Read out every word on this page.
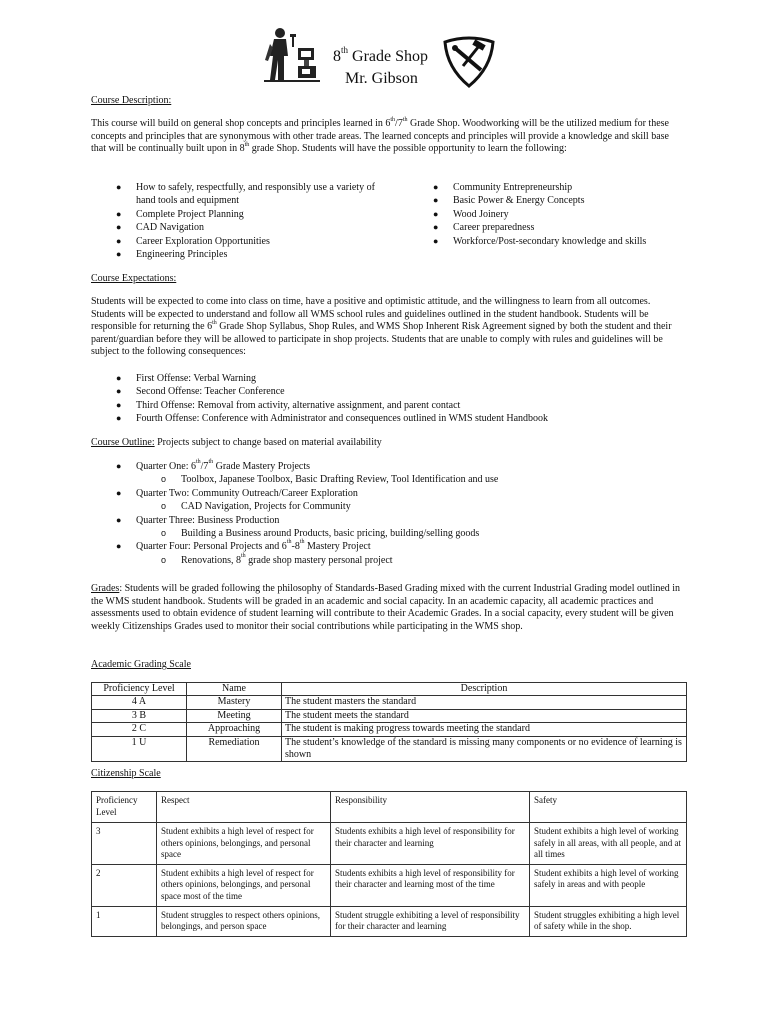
8th Grade Shop
Mr. Gibson
Course Description:
This course will build on general shop concepts and principles learned in 6th/7th Grade Shop. Woodworking will be the utilized medium for these concepts and principles that are synonymous with other trade areas. The learned concepts and principles will provide a knowledge and skill base that will be continually built upon in 8th grade Shop. Students will have the possible opportunity to learn the following:
● How to safely, respectfully, and responsibly use a variety of hand tools and equipment
● Complete Project Planning
● CAD Navigation
● Career Exploration Opportunities
● Engineering Principles
● Community Entrepreneurship
● Basic Power & Energy Concepts
● Wood Joinery
● Career preparedness
● Workforce/Post-secondary knowledge and skills
Course Expectations:
Students will be expected to come into class on time, have a positive and optimistic attitude, and the willingness to learn from all outcomes. Students will be expected to understand and follow all WMS school rules and guidelines outlined in the student handbook. Students will be responsible for returning the 6th Grade Shop Syllabus, Shop Rules, and WMS Shop Inherent Risk Agreement signed by both the student and their parent/guardian before they will be allowed to participate in shop projects. Students that are unable to comply with rules and guidelines will be subject to the following consequences:
● First Offense: Verbal Warning
● Second Offense: Teacher Conference
● Third Offense: Removal from activity, alternative assignment, and parent contact
● Fourth Offense: Conference with Administrator and consequences outlined in WMS student Handbook
Course Outline: Projects subject to change based on material availability
● Quarter One: 6th/7th Grade Mastery Projects
o Toolbox, Japanese Toolbox, Basic Drafting Review, Tool Identification and use
● Quarter Two: Community Outreach/Career Exploration
o CAD Navigation, Projects for Community
● Quarter Three: Business Production
o Building a Business around Products, basic pricing, building/selling goods
● Quarter Four: Personal Projects and 6th-8th Mastery Project
o Renovations, 8th grade shop mastery personal project
Grades: Students will be graded following the philosophy of Standards-Based Grading mixed with the current Industrial Grading model outlined in the WMS student handbook. Students will be graded in an academic and social capacity. In an academic capacity, all academic practices and assessments used to obtain evidence of student learning will contribute to their Academic Grades. In a social capacity, every student will be given weekly Citizenships Grades used to monitor their social contributions while participating in the WMS shop.
Academic Grading Scale
Proficiency Level	Name	Description
4 A	Mastery	The student masters the standard
3 B	Meeting	The student meets the standard
2 C	Approaching	The student is making progress towards meeting the standard
1 U	Remediation	The student’s knowledge of the standard is missing many components or no evidence of learning is shown
Citizenship Scale
Proficiency Level	Respect	Responsibility	Safety
3	Student exhibits a high level of respect for others opinions, belongings, and personal space	Students exhibits a high level of responsibility for their character and learning	Student exhibits a high level of working safely in all areas, with all people, and at all times
2	Student exhibits a high level of respect for others opinions, belongings, and personal space most of the time	Students exhibits a high level of responsibility for their character and learning most of the time	Student exhibits a high level of working safely in areas and with people
1	Student struggles to respect others opinions, belongings, and person space	Student struggle exhibiting a level of responsibility for their character and learning	Student struggles exhibiting a high level of safety while in the shop.
